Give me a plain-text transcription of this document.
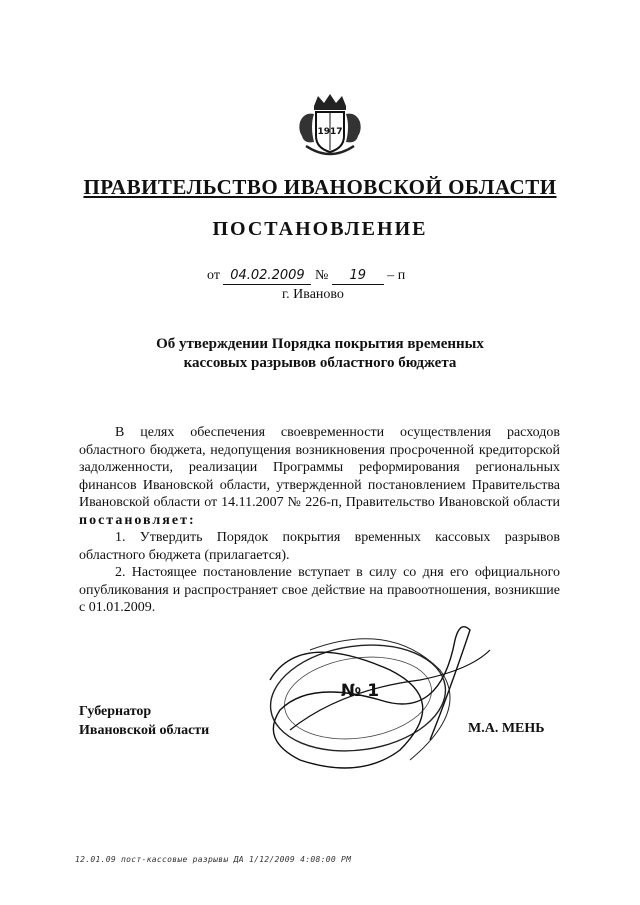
1917
ПРАВИТЕЛЬСТВО ИВАНОВСКОЙ ОБЛАСТИ
ПОСТАНОВЛЕНИЕ
от 04.02.2009 № 19 – п
г. Иваново
Об утверждении Порядка покрытия временных
кассовых разрывов областного бюджета

В целях обеспечения своевременности осуществления расходов областного бюджета, недопущения возникновения просроченной кредиторской задолженности, реализации Программы реформирования региональных финансов Ивановской области, утвержденной постановлением Правительства Ивановской области от 14.11.2007 № 226-п, Правительство Ивановской области постановляет:

1. Утвердить Порядок покрытия временных кассовых разрывов областного бюджета (прилагается).

2. Настоящее постановление вступает в силу со дня его официального опубликования и распространяет свое действие на правоотношения, возникшие с 01.01.2009.

№ 1
Губернатор
Ивановской области	М.А. МЕНЬ
12.01.09 пост-кассовые разрывы ДА 1/12/2009 4:08:00 PM
